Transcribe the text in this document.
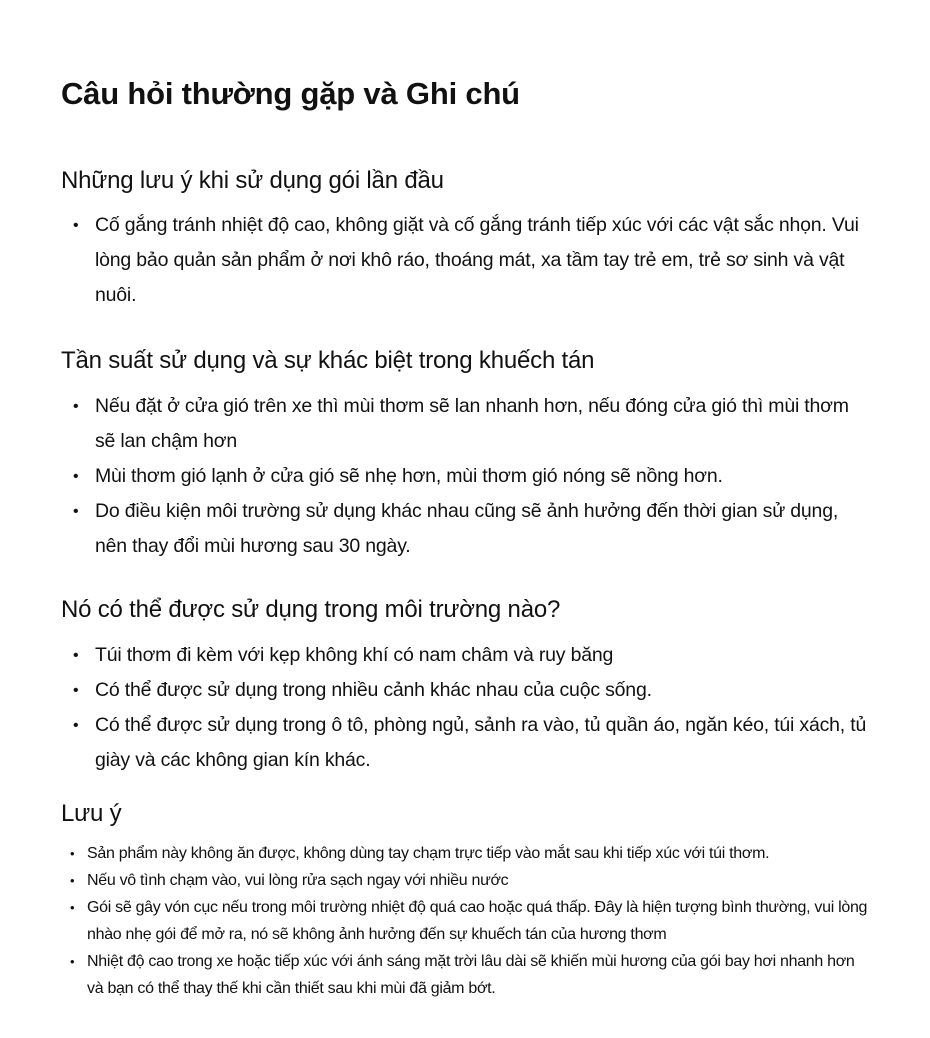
Câu hỏi thường gặp và Ghi chú
Những lưu ý khi sử dụng gói lần đầu
• Cố gắng tránh nhiệt độ cao, không giặt và cố gắng tránh tiếp xúc với các vật sắc nhọn. Vui lòng bảo quản sản phẩm ở nơi khô ráo, thoáng mát, xa tầm tay trẻ em, trẻ sơ sinh và vật nuôi.
Tần suất sử dụng và sự khác biệt trong khuếch tán
• Nếu đặt ở cửa gió trên xe thì mùi thơm sẽ lan nhanh hơn, nếu đóng cửa gió thì mùi thơm sẽ lan chậm hơn
• Mùi thơm gió lạnh ở cửa gió sẽ nhẹ hơn, mùi thơm gió nóng sẽ nồng hơn.
• Do điều kiện môi trường sử dụng khác nhau cũng sẽ ảnh hưởng đến thời gian sử dụng, nên thay đổi mùi hương sau 30 ngày.
Nó có thể được sử dụng trong môi trường nào?
• Túi thơm đi kèm với kẹp không khí có nam châm và ruy băng
• Có thể được sử dụng trong nhiều cảnh khác nhau của cuộc sống.
• Có thể được sử dụng trong ô tô, phòng ngủ, sảnh ra vào, tủ quần áo, ngăn kéo, túi xách, tủ giày và các không gian kín khác.
Lưu ý
• Sản phẩm này không ăn được, không dùng tay chạm trực tiếp vào mắt sau khi tiếp xúc với túi thơm.
• Nếu vô tình chạm vào, vui lòng rửa sạch ngay với nhiều nước
• Gói sẽ gây vón cục nếu trong môi trường nhiệt độ quá cao hoặc quá thấp. Đây là hiện tượng bình thường, vui lòng nhào nhẹ gói để mở ra, nó sẽ không ảnh hưởng đến sự khuếch tán của hương thơm
• Nhiệt độ cao trong xe hoặc tiếp xúc với ánh sáng mặt trời lâu dài sẽ khiến mùi hương của gói bay hơi nhanh hơn và bạn có thể thay thế khi cần thiết sau khi mùi đã giảm bớt.
